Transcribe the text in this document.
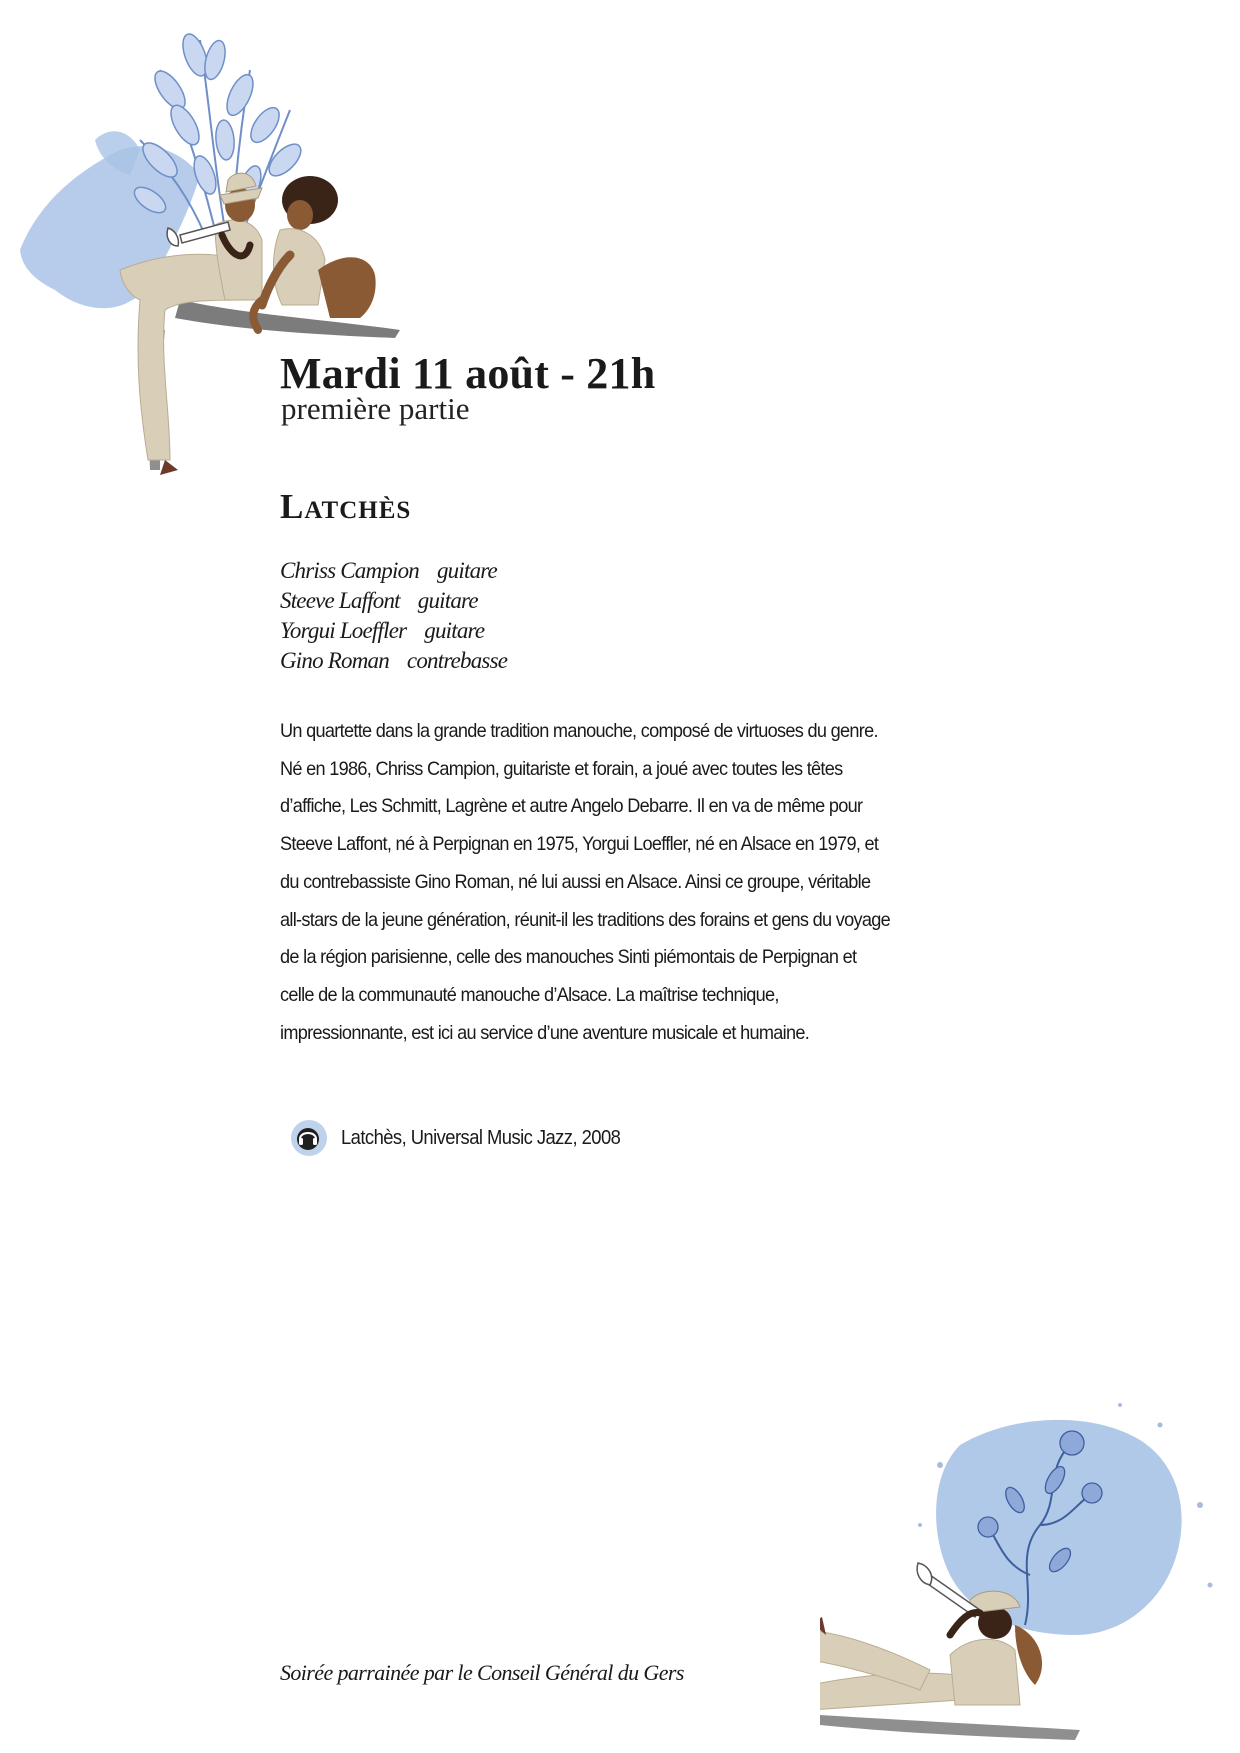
Mardi 11 août - 21h

première partie

Latchès
Chriss Campion guitare
Steeve Laffont guitare
Yorgui Loeffler guitare
Gino Roman contrebasse

Un quartette dans la grande tradition manouche, composé de virtuoses du genre. Né en 1986, Chriss Campion, guitariste et forain, a joué avec toutes les têtes d’affiche, Les Schmitt, Lagrène et autre Angelo Debarre. Il en va de même pour Steeve Laffont, né à Perpignan en 1975, Yorgui Loeffler, né en Alsace en 1979, et du contrebassiste Gino Roman, né lui aussi en Alsace. Ainsi ce groupe, véritable all-stars de la jeune génération, réunit-il les traditions des forains et gens du voyage de la région parisienne, celle des manouches Sinti piémontais de Perpignan et celle de la communauté manouche d’Alsace. La maîtrise technique, impressionnante, est ici au service d’une aventure musicale et humaine.

Latchès, Universal Music Jazz, 2008

Soirée parrainée par le Conseil Général du Gers
